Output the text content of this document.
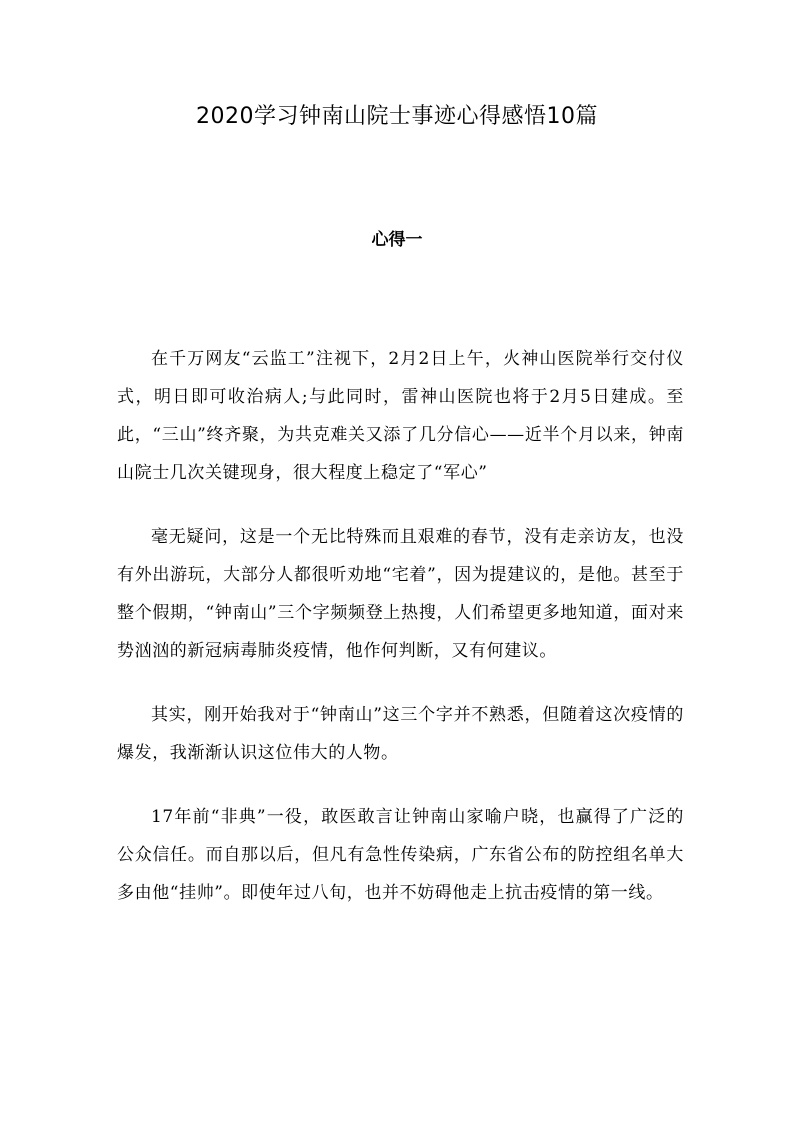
2020学习钟南山院士事迹心得感悟10篇
心得一

在千万网友“云监工”注视下，2月2日上午，火神山医院举行交付仪式，明日即可收治病人;与此同时，雷神山医院也将于2月5日建成。至此，“三山”终齐聚，为共克难关又添了几分信心——近半个月以来，钟南山院士几次关键现身，很大程度上稳定了“军心”

毫无疑问，这是一个无比特殊而且艰难的春节，没有走亲访友，也没有外出游玩，大部分人都很听劝地“宅着”，因为提建议的，是他。甚至于整个假期，“钟南山”三个字频频登上热搜，人们希望更多地知道，面对来势汹汹的新冠病毒肺炎疫情，他作何判断，又有何建议。

其实，刚开始我对于“钟南山”这三个字并不熟悉，但随着这次疫情的爆发，我渐渐认识这位伟大的人物。

17年前“非典”一役，敢医敢言让钟南山家喻户晓，也赢得了广泛的公众信任。而自那以后，但凡有急性传染病，广东省公布的防控组名单大多由他“挂帅”。即使年过八旬，也并不妨碍他走上抗击疫情的第一线。
